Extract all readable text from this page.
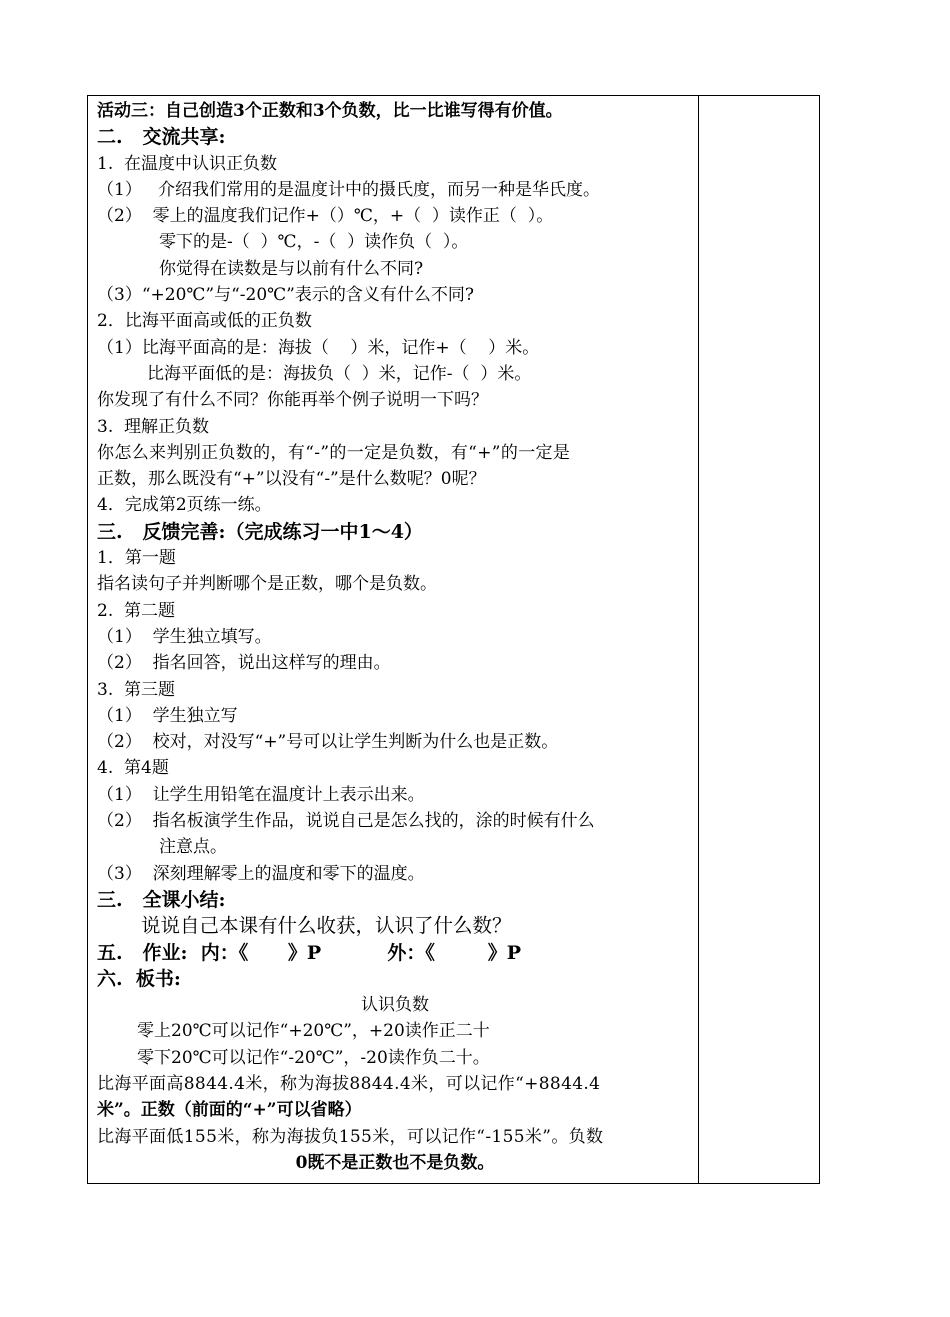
活动三：自己创造3个正数和3个负数，比一比谁写得有价值。
二.   交流共享:
1.  在温度中认识正负数
（1）   介绍我们常用的是温度计中的摄氏度，而另一种是华氏度。
（2）  零上的温度我们记作+（）℃，+（  ）读作正（  ）。
零下的是-（  ）℃，-（  ）读作负（  ）。
你觉得在读数是与以前有什么不同?
（3）“+20℃”与“-20℃”表示的含义有什么不同?
2．比海平面高或低的正负数
（1）比海平面高的是：海拔（    ）米，记作+（    ）米。
比海平面低的是：海拔负（  ）米，记作-（  ）米。
你发现了有什么不同？你能再举个例子说明一下吗？
3.  理解正负数
你怎么来判别正负数的，有“-”的一定是负数，有“+”的一定是
正数，那么既没有“+”以没有“-”是什么数呢？0呢？
4．完成第2页练一练。
三.   反馈完善:（完成练习一中1～4）
1．第一题
指名读句子并判断哪个是正数，哪个是负数。
2.  第二题
（1）  学生独立填写。
（2）  指名回答，说出这样写的理由。
3.  第三题
（1）  学生独立写
（2）  校对，对没写“+”号可以让学生判断为什么也是正数。
4.  第4题
（1）  让学生用铅笔在温度计上表示出来。
（2）  指名板演学生作品，说说自己是怎么找的，涂的时候有什么
注意点。
（3）  深刻理解零上的温度和零下的温度。
三.   全课小结:
说说自己本课有什么收获，认识了什么数？
五.   作业:  内：《      》P          外：《        》P
六.  板书:
认识负数
零上20℃可以记作“+20℃”，+20读作正二十
零下20℃可以记作“-20℃”，-20读作负二十。
比海平面高8844.4米，称为海拔8844.4米，可以记作“+8844.4
米”。正数（前面的“+”可以省略）
比海平面低155米，称为海拔负155米，可以记作“-155米”。负数
0既不是正数也不是负数。
